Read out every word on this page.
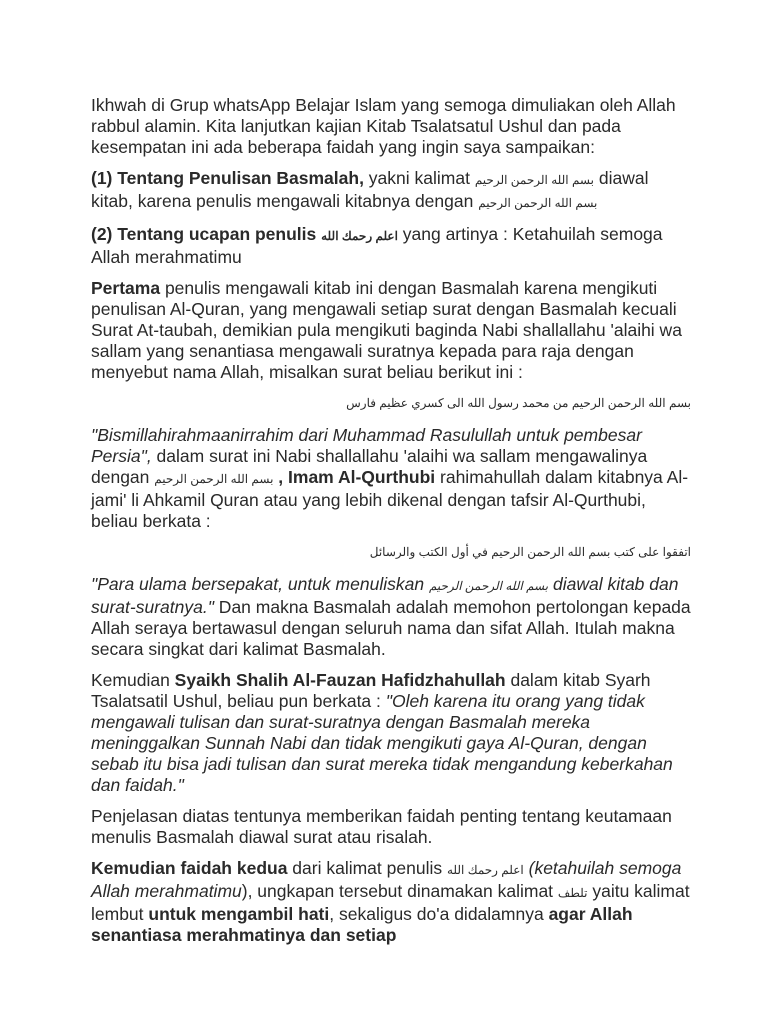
Ikhwah di Grup whatsApp Belajar Islam yang semoga dimuliakan oleh Allah rabbul alamin. Kita lanjutkan kajian Kitab Tsalatsatul Ushul dan pada kesempatan ini ada beberapa faidah yang ingin saya sampaikan:

(1) Tentang Penulisan Basmalah, yakni kalimat بسم الله الرحمن الرحيم diawal kitab, karena penulis mengawali kitabnya dengan بسم الله الرحمن الرحيم

(2) Tentang ucapan penulis اعلم رحمك الله yang artinya : Ketahuilah semoga Allah merahmatimu

Pertama penulis mengawali kitab ini dengan Basmalah karena mengikuti penulisan Al-Quran, yang mengawali setiap surat dengan Basmalah kecuali Surat At-taubah, demikian pula mengikuti baginda Nabi shallallahu 'alaihi wa sallam yang senantiasa mengawali suratnya kepada para raja dengan menyebut nama Allah, misalkan surat beliau berikut ini :

بسم الله الرحمن الرحيم من محمد رسول الله الى كسري عظيم فارس

"Bismillahirahmaanirrahim dari Muhammad Rasulullah untuk pembesar Persia", dalam surat ini Nabi shallallahu 'alaihi wa sallam mengawalinya dengan بسم الله الرحمن الرحيم , Imam Al-Qurthubi rahimahullah dalam kitabnya Al-jami' li Ahkamil Quran atau yang lebih dikenal dengan tafsir Al-Qurthubi, beliau berkata :

اتفقوا على كتب بسم الله الرحمن الرحيم في أول الكتب والرسائل

"Para ulama bersepakat, untuk menuliskan بسم الله الرحمن الرحيم diawal kitab dan surat-suratnya." Dan makna Basmalah adalah memohon pertolongan kepada Allah seraya bertawasul dengan seluruh nama dan sifat Allah. Itulah makna secara singkat dari kalimat Basmalah.

Kemudian Syaikh Shalih Al-Fauzan Hafidzhahullah dalam kitab Syarh Tsalatsatil Ushul, beliau pun berkata : "Oleh karena itu orang yang tidak mengawali tulisan dan surat-suratnya dengan Basmalah mereka meninggalkan Sunnah Nabi dan tidak mengikuti gaya Al-Quran, dengan sebab itu bisa jadi tulisan dan surat mereka tidak mengandung keberkahan dan faidah."

Penjelasan diatas tentunya memberikan faidah penting tentang keutamaan menulis Basmalah diawal surat atau risalah.

Kemudian faidah kedua dari kalimat penulis اعلم رحمك الله (ketahuilah semoga Allah merahmatimu), ungkapan tersebut dinamakan kalimat تلطف yaitu kalimat lembut untuk mengambil hati, sekaligus do'a didalamnya agar Allah senantiasa merahmatinya dan setiap
